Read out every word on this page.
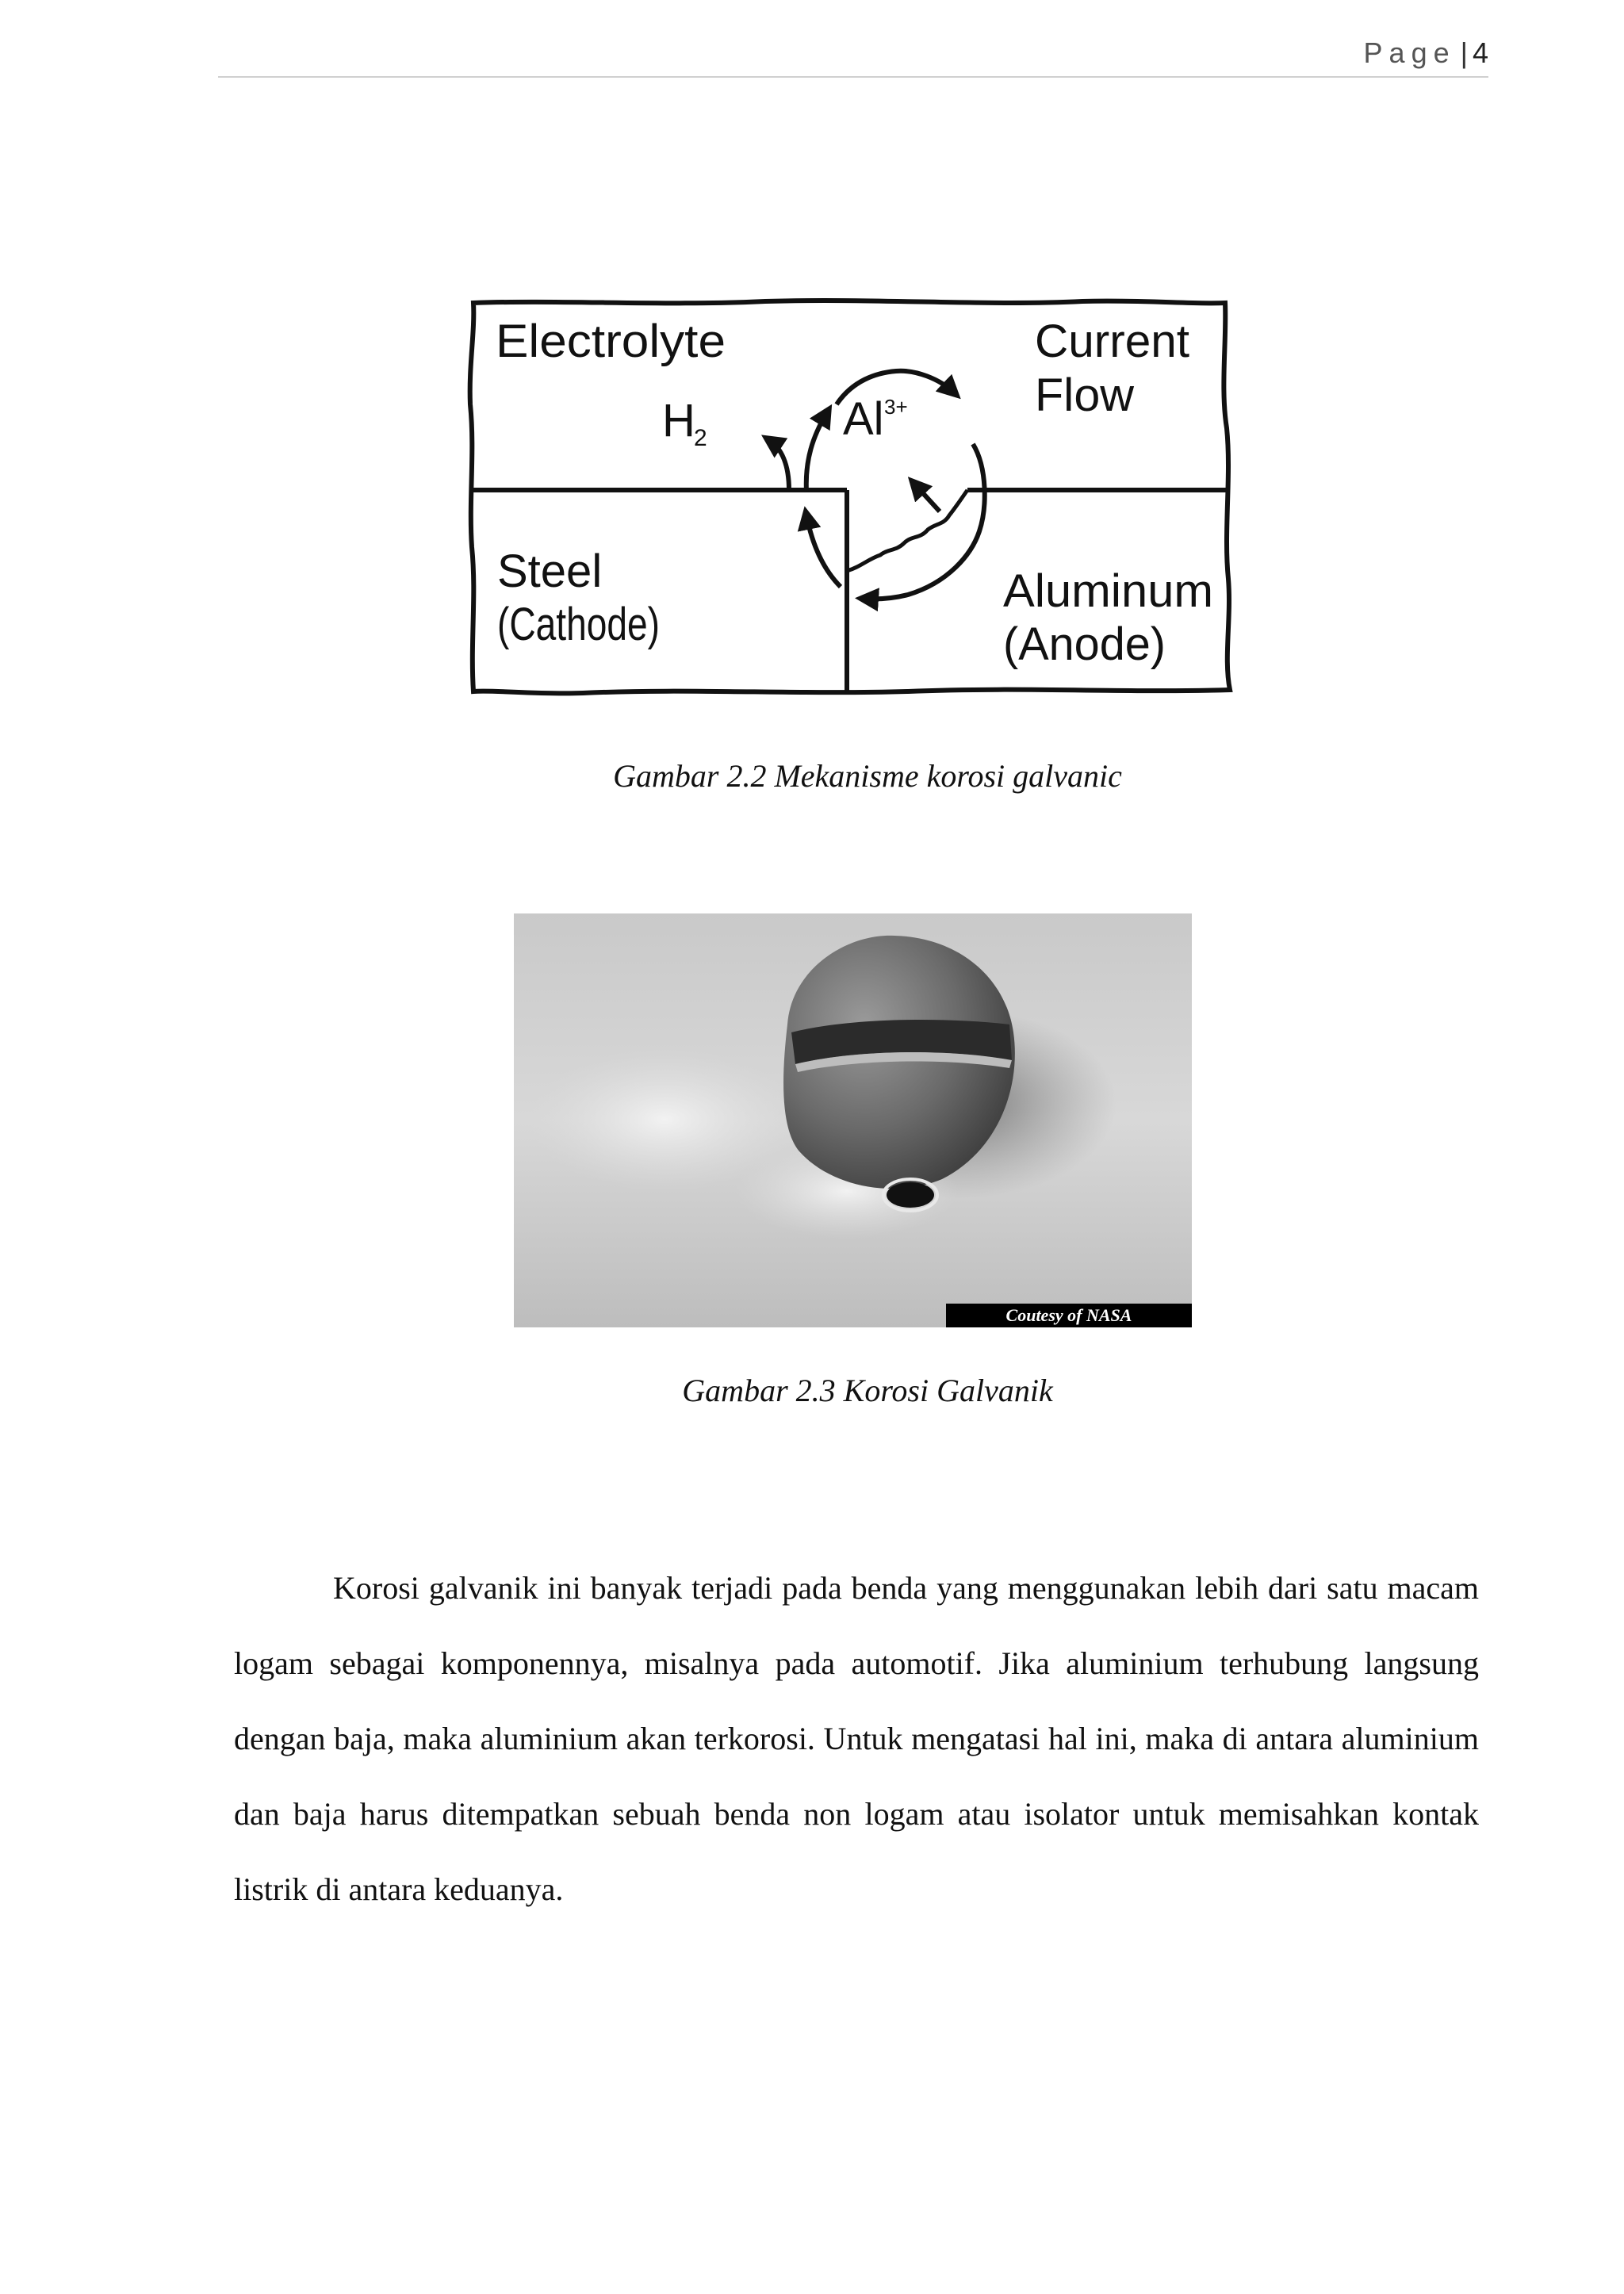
Page | 4
Electrolyte	Current
Flow
H
2	Al 3+
Steel
(Cathode)
Aluminum
(Anode)
Gambar 2.2 Mekanisme korosi galvanic
Coutesy of NASA
Gambar 2.3 Korosi Galvanik

Korosi galvanik ini banyak terjadi pada benda yang menggunakan lebih dari satu macam logam sebagai komponennya, misalnya pada automotif. Jika aluminium terhubung langsung dengan baja, maka aluminium akan terkorosi. Untuk mengatasi hal ini, maka di antara aluminium dan baja harus ditempatkan sebuah benda non logam atau isolator untuk memisahkan kontak listrik di antara keduanya.
